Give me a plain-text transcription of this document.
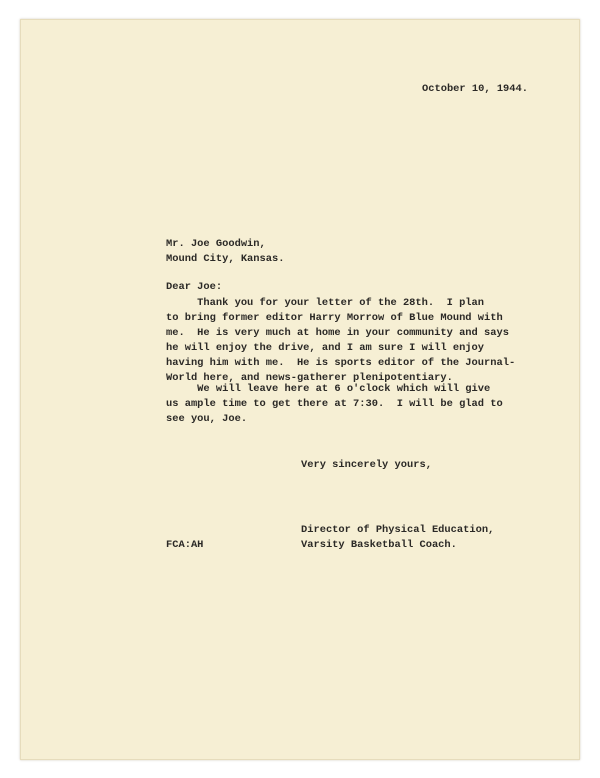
October 10, 1944.
Mr. Joe Goodwin,
Mound City, Kansas.
Dear Joe:
Thank you for your letter of the 28th.  I plan
to bring former editor Harry Morrow of Blue Mound with
me.  He is very much at home in your community and says
he will enjoy the drive, and I am sure I will enjoy
having him with me.  He is sports editor of the Journal-
World here, and news-gatherer plenipotentiary.
We will leave here at 6 o'clock which will give
us ample time to get there at 7:30.  I will be glad to
see you, Joe.
Very sincerely yours,
Director of Physical Education,
Varsity Basketball Coach.
FCA:AH
